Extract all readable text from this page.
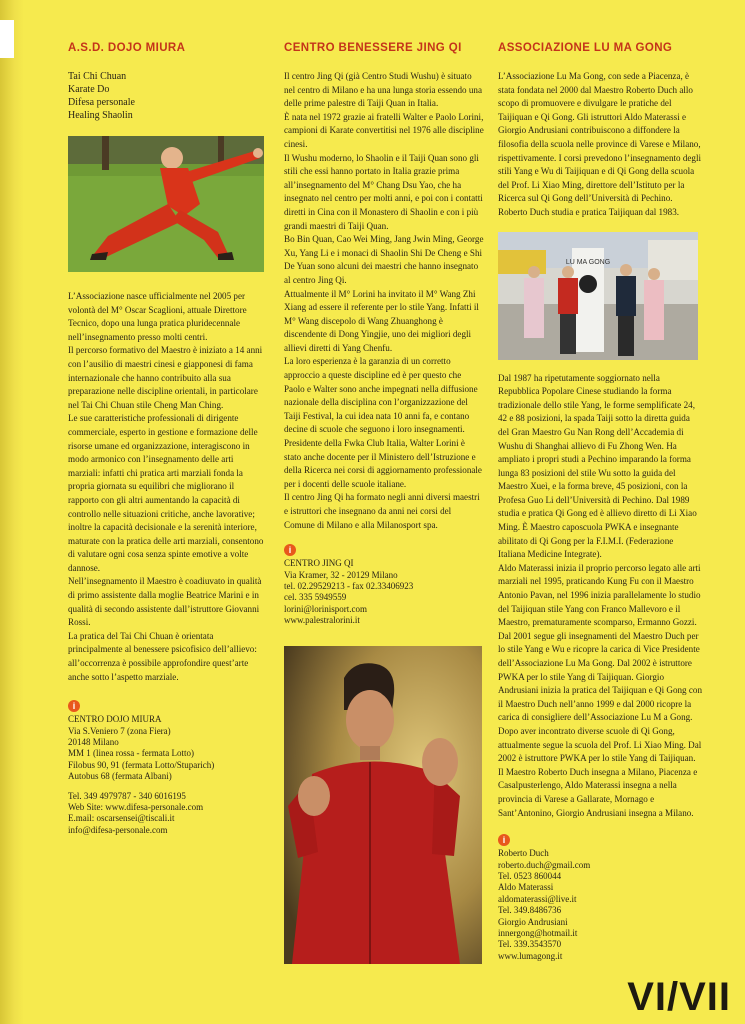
A.S.D. DOJO MIURA
Tai Chi Chuan
Karate Do
Difesa personale
Healing Shaolin

L’Associazione nasce ufficialmente nel 2005 per volontà del M° Oscar Scaglioni, attuale Direttore Tecnico, dopo una lunga pratica pluridecennale nell’insegnamento presso molti centri.

Il percorso formativo del Maestro è iniziato a 14 anni con l’ausilio di maestri cinesi e giapponesi di fama internazionale che hanno contribuito alla sua preparazione nelle discipline orientali, in particolare nel Tai Chi Chuan stile Cheng Man Ching.

Le sue caratteristiche professionali di dirigente commerciale, esperto in gestione e formazione delle risorse umane ed organizzazione, interagiscono in modo armonico con l’insegnamento delle arti marziali: infatti chi pratica arti marziali fonda la propria giornata su equilibri che migliorano il rapporto con gli altri aumentando la capacità di controllo nelle situazioni critiche, anche lavorative; inoltre la capacità decisionale e la serenità interiore, maturate con la pratica delle arti marziali, consentono di valutare ogni cosa senza spinte emotive a volte dannose.

Nell’insegnamento il Maestro è coadiuvato in qualità di primo assistente dalla moglie Beatrice Marini e in qualità di secondo assistente dall’istruttore Giovanni Rossi.

La pratica del Tai Chi Chuan è orientata principalmente al benessere psicofisico dell’allievo: all’occorrenza è possibile approfondire quest’arte anche sotto l’aspetto marziale.

i
CENTRO DOJO MIURA
Via S.Veniero 7 (zona Fiera)
20148 Milano
MM 1 (linea rossa - fermata Lotto)
Filobus 90, 91 (fermata Lotto/Stuparich)
Autobus 68 (fermata Albani)
Tel. 349 4979787 - 340 6016195
Web Site: www.difesa-personale.com
E.mail: oscarsensei@tiscali.it
info@difesa-personale.com
CENTRO BENESSERE JING QI

Il centro Jing Qi (già Centro Studi Wushu) è situato nel centro di Milano e ha una lunga storia essendo una delle prime palestre di Taiji Quan in Italia.

È nata nel 1972 grazie ai fratelli Walter e Paolo Lorini, campioni di Karate convertitisi nel 1976 alle discipline cinesi.

Il Wushu moderno, lo Shaolin e il Taiji Quan sono gli stili che essi hanno portato in Italia grazie prima all’insegnamento del M° Chang Dsu Yao, che ha insegnato nel centro per molti anni, e poi con i contatti diretti in Cina con il Monastero di Shaolin e con i più grandi maestri di Taiji Quan.

Bo Bin Quan, Cao Wei Ming, Jang Jwin Ming, George Xu, Yang Li e i monaci di Shaolin Shi De Cheng e Shi De Yuan sono alcuni dei maestri che hanno insegnato al centro Jing Qi.

Attualmente il M° Lorini ha invitato il M° Wang Zhi Xiang ad essere il referente per lo stile Yang. Infatti il M° Wang discepolo di Wang Zhuanghong è discendente di Dong Yingjie, uno dei migliori degli allievi diretti di Yang Chenfu.

La loro esperienza è la garanzia di un corretto approccio a queste discipline ed è per questo che Paolo e Walter sono anche impegnati nella diffusione nazionale della disciplina con l’organizzazione del Taiji Festival, la cui idea nata 10 anni fa, e contano decine di scuole che seguono i loro insegnamenti.

Presidente della Fwka Club Italia, Walter Lorini è stato anche docente per il Ministero dell’Istruzione e della Ricerca nei corsi di aggiornamento professionale per i docenti delle scuole italiane.

Il centro Jing Qi ha formato negli anni diversi maestri e istruttori che insegnano da anni nei corsi del Comune di Milano e alla Milanosport spa.

i
CENTRO JING QI
Via Kramer, 32 - 20129 Milano
tel. 02.29529213 - fax 02.33406923
cel. 335 5949559
lorini@lorinisport.com
www.palestralorini.it
ASSOCIAZIONE LU MA GONG

L’Associazione Lu Ma Gong, con sede a Piacenza, è stata fondata nel 2000 dal Maestro Roberto Duch allo scopo di promuovere e divulgare le pratiche del Taijiquan e Qi Gong. Gli istruttori Aldo Materassi e Giorgio Andrusiani contribuiscono a diffondere la filosofia della scuola nelle province di Varese e Milano, rispettivamente. I corsi prevedono l’insegnamento degli stili Yang e Wu di Taijiquan e di Qi Gong della scuola del Prof. Li Xiao Ming, direttore dell’Istituto per la Ricerca sul Qi Gong dell’Università di Pechino. Roberto Duch studia e pratica Taijiquan dal 1983.

LU MA GONG

Dal 1987 ha ripetutamente soggiornato nella Repubblica Popolare Cinese studiando la forma tradizionale dello stile Yang, le forme semplificate 24, 42 e 88 posizioni, la spada Taiji sotto la diretta guida del Gran Maestro Gu Nan Rong dell’Accademia di Wushu di Shanghai allievo di Fu Zhong Wen. Ha ampliato i propri studi a Pechino imparando la forma lunga 83 posizioni del stile Wu sotto la guida del Maestro Xueì, e la forma breve, 45 posizioni, con la Profesa Guo Li dell’Università di Pechino. Dal 1989 studia e pratica Qi Gong ed è allievo diretto di Li Xiao Ming. È Maestro caposcuola PWKA e insegnante abilitato di Qi Gong per la F.I.M.I. (Federazione Italiana Medicine Integrate).

Aldo Materassi inizia il proprio percorso legato alle arti marziali nel 1995, praticando Kung Fu con il Maestro Antonio Pavan, nel 1996 inizia parallelamente lo studio del Taijiquan stile Yang con Franco Mallevoro e il Maestro, prematuramente scomparso, Ermanno Gozzi. Dal 2001 segue gli insegnamenti del Maestro Duch per lo stile Yang e Wu e ricopre la carica di Vice Presidente dell’Associazione Lu Ma Gong. Dal 2002 è istruttore PWKA per lo stile Yang di Taijiquan. Giorgio Andrusiani inizia la pratica del Taijiquan e Qi Gong con il Maestro Duch nell’anno 1999 e dal 2000 ricopre la carica di consigliere dell’Associazione Lu M a Gong. Dopo aver incontrato diverse scuole di Qi Gong, attualmente segue la scuola del Prof. Li Xiao Ming. Dal 2002 è istruttore PWKA per lo stile Yang di Taijiquan. Il Maestro Roberto Duch insegna a Milano, Piacenza e Casalpusterlengo, Aldo Materassi insegna a nella provincia di Varese a Gallarate, Mornago e Sant’Antonino, Giorgio Andrusiani insegna a Milano.

i
Roberto Duch
roberto.duch@gmail.com
Tel. 0523 860044
Aldo Materassi
aldomaterassi@live.it
Tel. 349.8486736
Giorgio Andrusiani
innergong@hotmail.it
Tel. 339.3543570
www.lumagong.it
VI/VII
